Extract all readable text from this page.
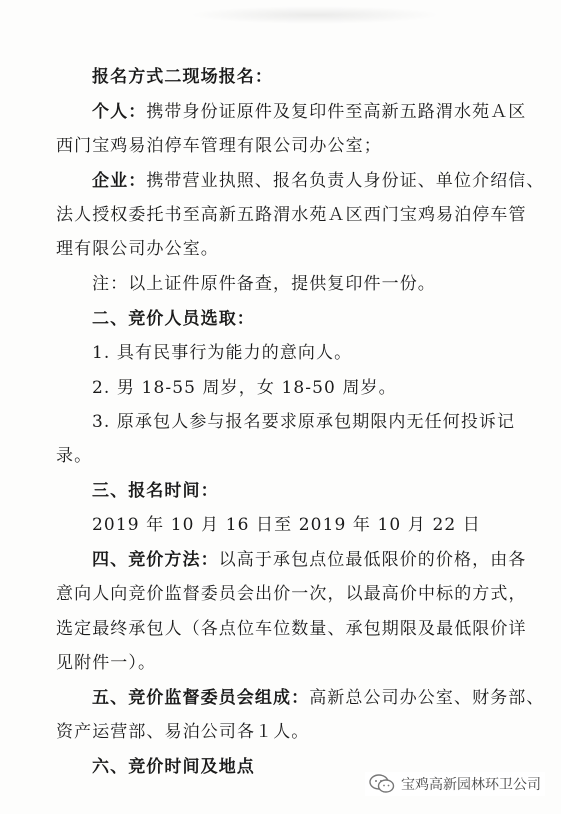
报名方式二现场报名：
个人：携带身份证原件及复印件至高新五路渭水苑Ａ区
西门宝鸡易泊停车管理有限公司办公室；
企业：携带营业执照、报名负责人身份证、单位介绍信、
法人授权委托书至高新五路渭水苑Ａ区西门宝鸡易泊停车管
理有限公司办公室。
注：以上证件原件备查，提供复印件一份。
二、竞价人员选取：
1. 具有民事行为能力的意向人。
2. 男 18-55 周岁，女 18-50 周岁。
3. 原承包人参与报名要求原承包期限内无任何投诉记
录。
三、报名时间：
2019 年 10 月 16 日至 2019 年 10 月 22 日
四、竞价方法：以高于承包点位最低限价的价格，由各
意向人向竞价监督委员会出价一次，以最高价中标的方式，
选定最终承包人（各点位车位数量、承包期限及最低限价详
见附件一）。
五、竞价监督委员会组成：高新总公司办公室、财务部、
资产运营部、易泊公司各１人。
六、竞价时间及地点
宝鸡高新园林环卫公司
